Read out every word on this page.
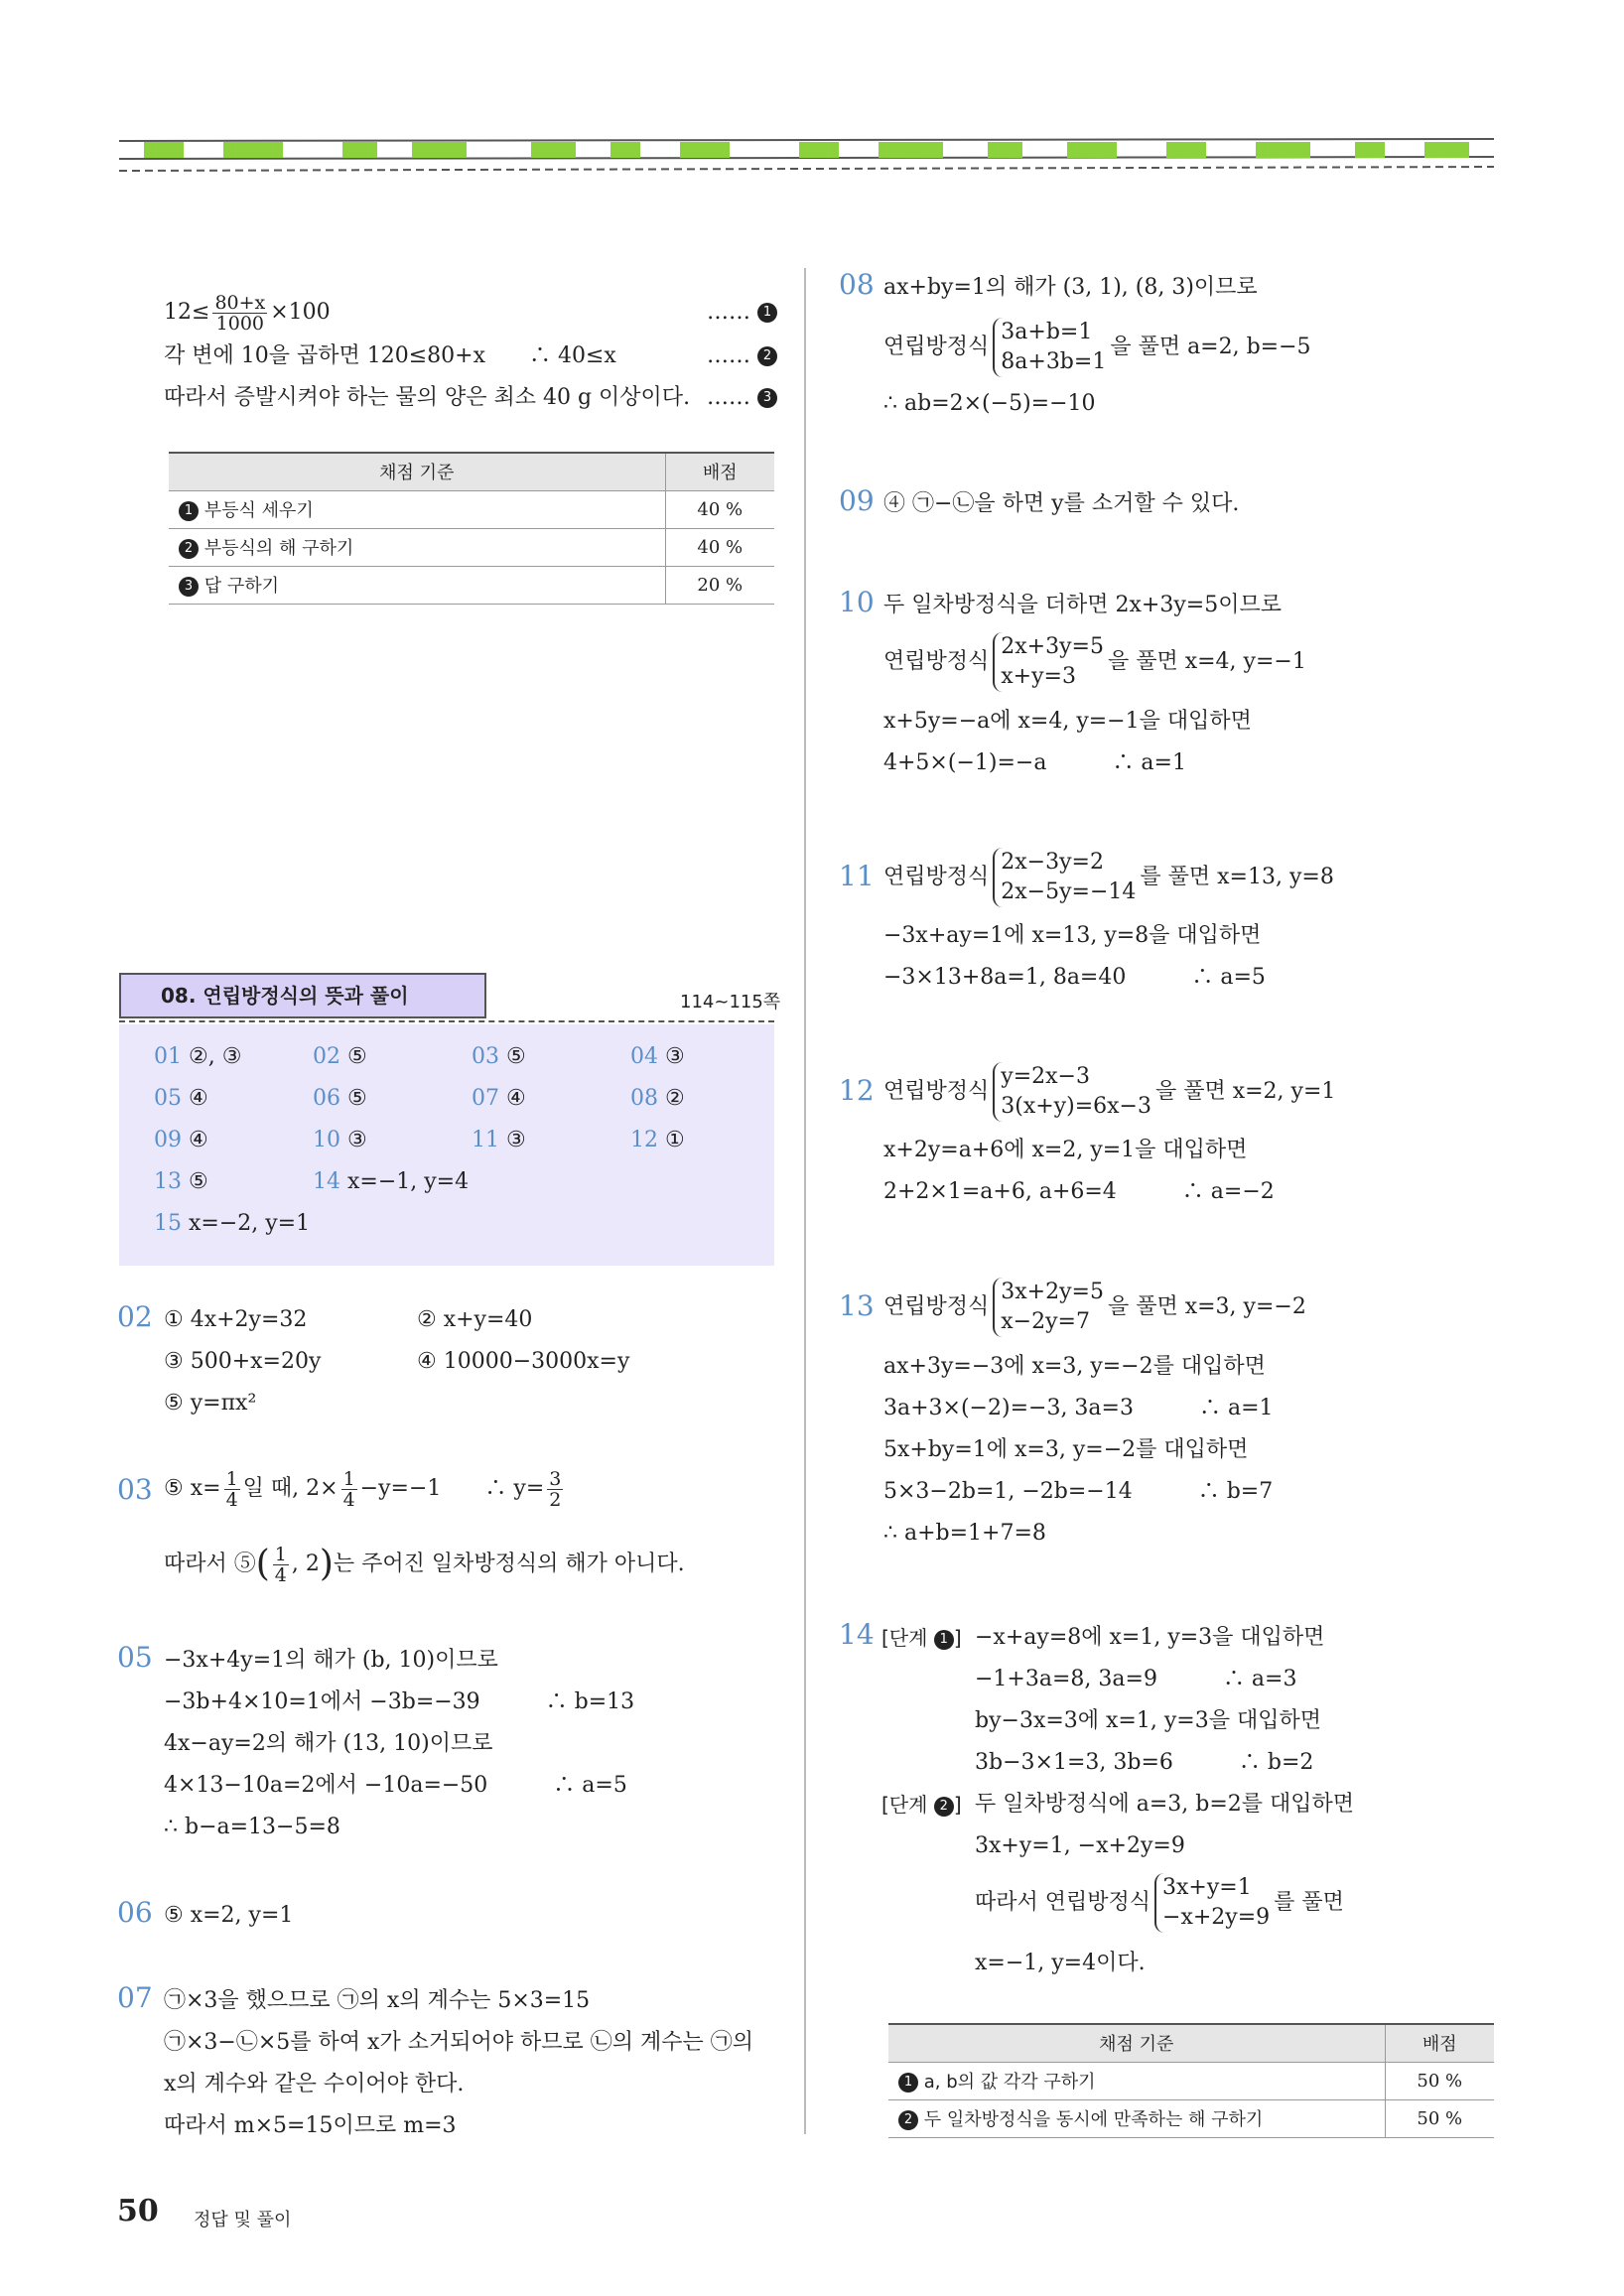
$12\le \frac{80+x}{1000} \times 100$	…… 1
각 변에 10을 곱하면 120≤80+x　　∴ 40≤x	…… 2
따라서 증발시켜야 하는 물의 양은 최소 40 g 이상이다. …… 3
채점 기준	배점
1 부등식 세우기	40 %
2 부등식의 해 구하기	40 %
3 답 구하기	20 %
08. 연립방정식의 뜻과 풀이	114~115쪽
01 ②, ③	02 ⑤	03 ⑤	04 ③
05 ④	06 ⑤	07 ④	08 ②
09 ④	10 ③	11 ③	12 ①
13 ⑤	14 x=−1, y=4
15 x=−2, y=1
02 ① 4x+2y=32	② x+y=40
③ 500+x=20y	④ 10000−3000x=y
⑤ y=πx²
03 ⑤ $x= \frac{1}{4}$ 일 때, $2\times \frac{1}{4} -y=-1$　　∴ $y= \frac{3}{2}$
따라서 ⑤( $\frac{1}{4}$ , 2)는 주어진 일차방정식의 해가 아니다.
05 −3x+4y=1의 해가 (b, 10)이므로
−3b+4×10=1에서 −3b=−39　　　∴ b=13
4x−ay=2의 해가 (13, 10)이므로
4×13−10a=2에서 −10a=−50　　　∴ a=5
∴ b−a=13−5=8
06 ⑤ x=2, y=1
07 ㉠×3을 했으므로 ㉠의 x의 계수는 5×3=15
㉠×3−㉡×5를 하여 x가 소거되어야 하므로 ㉡의 계수는 ㉠의
x의 계수와 같은 수이어야 한다.
따라서 m×5=15이므로 m=3
50 정답 및 풀이
08 ax+by=1의 해가 (3, 1), (8, 3)이므로
연립방정식
3a+b=1
8a+3b=1
을 풀면 a=2, b=−5
∴ ab=2×(−5)=−10
09 ④ ㉠−㉡을 하면 y를 소거할 수 있다.
10 두 일차방정식을 더하면 2x+3y=5이므로
연립방정식
2x+3y=5
x+y=3
을 풀면 x=4, y=−1
x+5y=−a에 x=4, y=−1을 대입하면
4+5×(−1)=−a　　　∴ a=1
11 연립방정식
2x−3y=2
2x−5y=−14
를 풀면 x=13, y=8
−3x+ay=1에 x=13, y=8을 대입하면
−3×13+8a=1, 8a=40　　　∴ a=5
12 연립방정식
y=2x−3
3(x+y)=6x−3
을 풀면 x=2, y=1
x+2y=a+6에 x=2, y=1을 대입하면
2+2×1=a+6, a+6=4　　　∴ a=−2
13 연립방정식
3x+2y=5
x−2y=7
을 풀면 x=3, y=−2
ax+3y=−3에 x=3, y=−2를 대입하면
3a+3×(−2)=−3, 3a=3　　　∴ a=1
5x+by=1에 x=3, y=−2를 대입하면
5×3−2b=1, −2b=−14　　　∴ b=7
∴ a+b=1+7=8
14 [단계 1 ] −x+ay=8에 x=1, y=3을 대입하면
−1+3a=8, 3a=9　　　∴ a=3
by−3x=3에 x=1, y=3을 대입하면
3b−3×1=3, 3b=6　　　∴ b=2
[단계 2 ] 두 일차방정식에 a=3, b=2를 대입하면
3x+y=1, −x+2y=9
따라서 연립방정식
3x+y=1
−x+2y=9
를 풀면
x=−1, y=4이다.
채점 기준	배점
1 a, b의 값 각각 구하기	50 %
2 두 일차방정식을 동시에 만족하는 해 구하기	50 %
